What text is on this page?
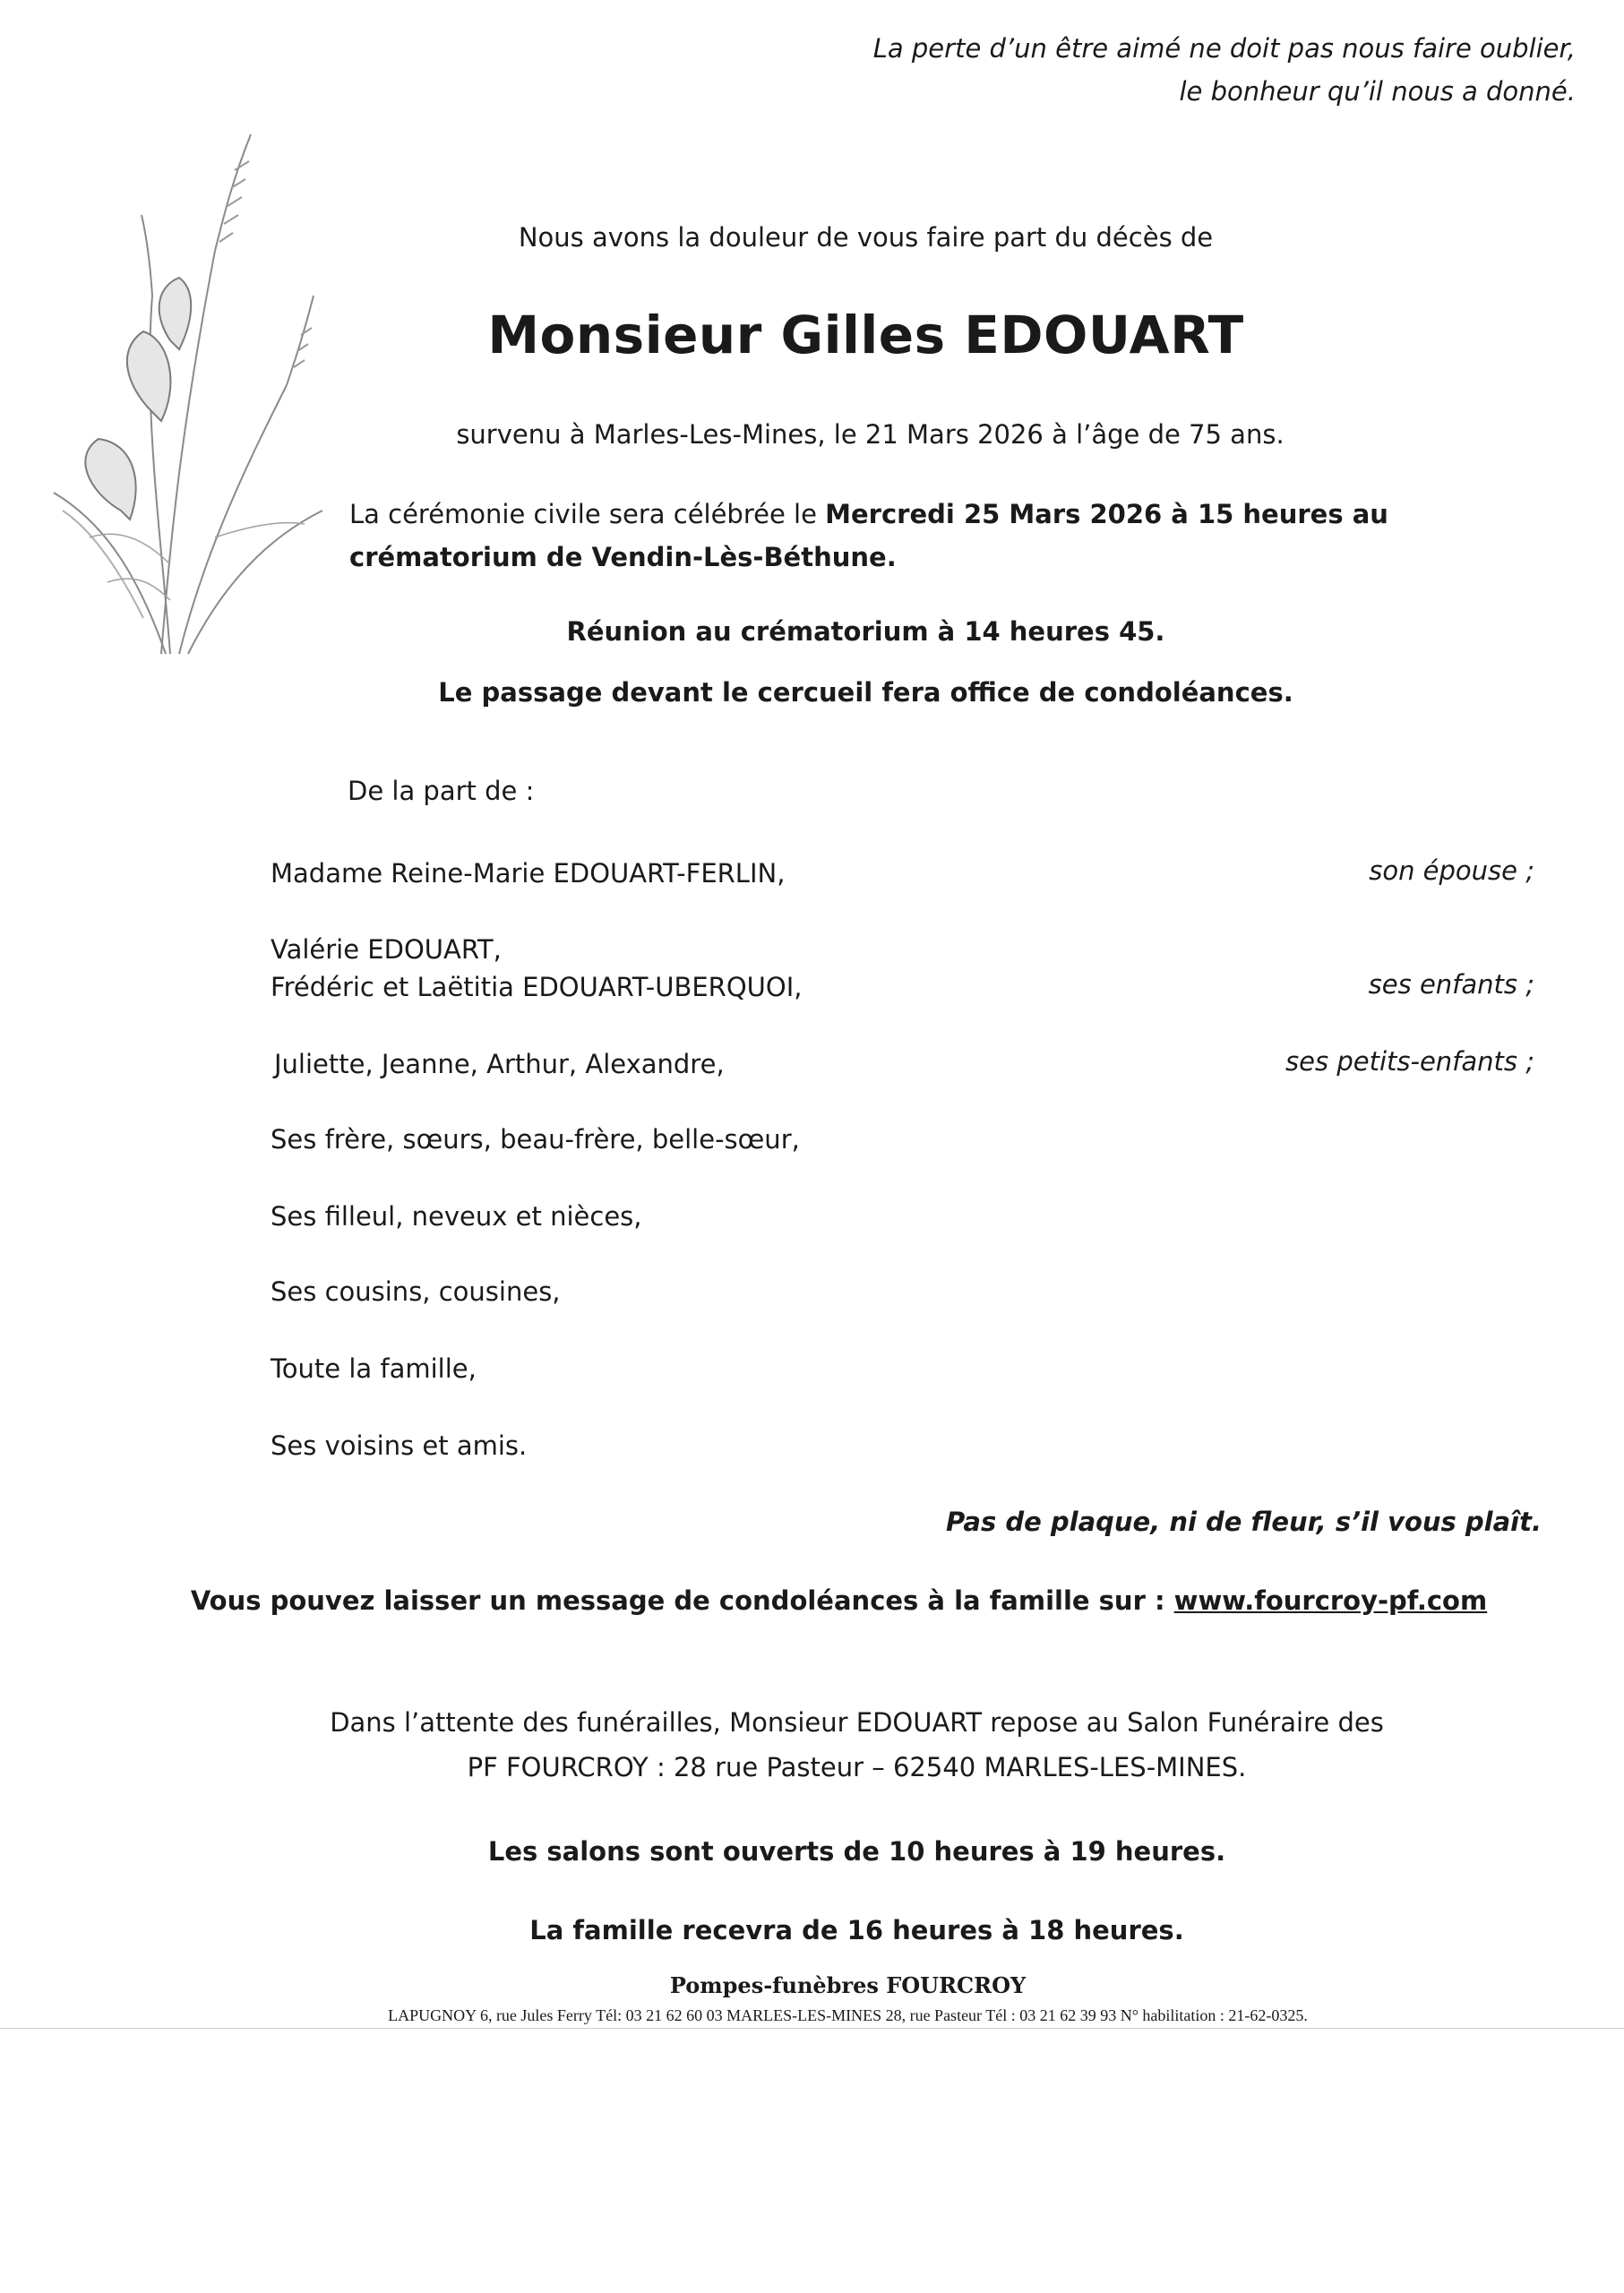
La perte d’un être aimé ne doit pas nous faire oublier,
le bonheur qu’il nous a donné.
Nous avons la douleur de vous faire part du décès de
Monsieur Gilles EDOUART
survenu à Marles-Les-Mines, le 21 Mars 2026 à l’âge de 75 ans.
La cérémonie civile sera célébrée le Mercredi 25 Mars 2026 à 15 heures au crématorium de Vendin-Lès-Béthune.
Réunion au crématorium à 14 heures 45.
Le passage devant le cercueil fera office de condoléances.
De la part de :
Madame Reine-Marie EDOUART-FERLIN,	son épouse ;
Valérie EDOUART,
Frédéric et Laëtitia EDOUART-UBERQUOI,	ses enfants ;
Juliette, Jeanne, Arthur, Alexandre,	ses petits-enfants ;
Ses frère, sœurs, beau-frère, belle-sœur,
Ses filleul, neveux et nièces,
Ses cousins, cousines,
Toute la famille,
Ses voisins et amis.
Pas de plaque, ni de fleur, s’il vous plaît.
Vous pouvez laisser un message de condoléances à la famille sur : www.fourcroy-pf.com
Dans l’attente des funérailles, Monsieur EDOUART repose au Salon Funéraire des
PF FOURCROY : 28 rue Pasteur – 62540 MARLES-LES-MINES.
Les salons sont ouverts de 10 heures à 19 heures.
La famille recevra de 16 heures à 18 heures.
Pompes-funèbres FOURCROY
LAPUGNOY 6, rue Jules Ferry Tél: 03 21 62 60 03 MARLES-LES-MINES 28, rue Pasteur Tél : 03 21 62 39 93 N° habilitation : 21-62-0325.
